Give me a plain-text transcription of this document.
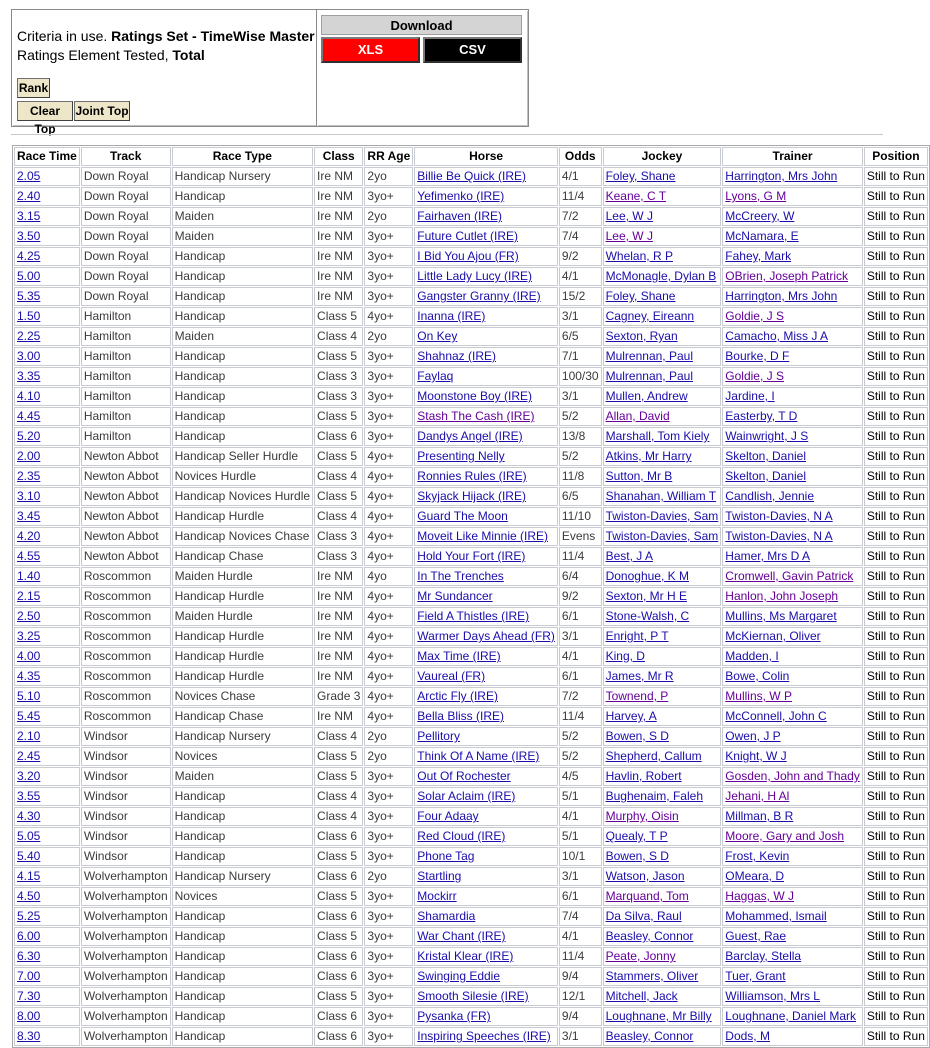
Criteria in use. Ratings Set - TimeWise Master
Ratings Element Tested, Total
Rank
Clear Top
Joint Top
Download
XLS	CSV
Race Time	Track	Race Type	Class	RR Age	Horse	Odds	Jockey	Trainer	Position
2.05	Down Royal	Handicap Nursery	Ire NM	2yo	Billie Be Quick (IRE)	4/1	Foley, Shane	Harrington, Mrs John	Still to Run
2.40	Down Royal	Handicap	Ire NM	3yo+	Yefimenko (IRE)	11/4	Keane, C T	Lyons, G M	Still to Run
3.15	Down Royal	Maiden	Ire NM	2yo	Fairhaven (IRE)	7/2	Lee, W J	McCreery, W	Still to Run
3.50	Down Royal	Maiden	Ire NM	3yo+	Future Cutlet (IRE)	7/4	Lee, W J	McNamara, E	Still to Run
4.25	Down Royal	Handicap	Ire NM	3yo+	I Bid You Ajou (FR)	9/2	Whelan, R P	Fahey, Mark	Still to Run
5.00	Down Royal	Handicap	Ire NM	3yo+	Little Lady Lucy (IRE)	4/1	McMonagle, Dylan B	OBrien, Joseph Patrick	Still to Run
5.35	Down Royal	Handicap	Ire NM	3yo+	Gangster Granny (IRE)	15/2	Foley, Shane	Harrington, Mrs John	Still to Run
1.50	Hamilton	Handicap	Class 5	4yo+	Inanna (IRE)	3/1	Cagney, Eireann	Goldie, J S	Still to Run
2.25	Hamilton	Maiden	Class 4	2yo	On Key	6/5	Sexton, Ryan	Camacho, Miss J A	Still to Run
3.00	Hamilton	Handicap	Class 5	3yo+	Shahnaz (IRE)	7/1	Mulrennan, Paul	Bourke, D F	Still to Run
3.35	Hamilton	Handicap	Class 3	3yo+	Faylaq	100/30	Mulrennan, Paul	Goldie, J S	Still to Run
4.10	Hamilton	Handicap	Class 3	3yo+	Moonstone Boy (IRE)	3/1	Mullen, Andrew	Jardine, I	Still to Run
4.45	Hamilton	Handicap	Class 5	3yo+	Stash The Cash (IRE)	5/2	Allan, David	Easterby, T D	Still to Run
5.20	Hamilton	Handicap	Class 6	3yo+	Dandys Angel (IRE)	13/8	Marshall, Tom Kiely	Wainwright, J S	Still to Run
2.00	Newton Abbot	Handicap Seller Hurdle	Class 5	4yo+	Presenting Nelly	5/2	Atkins, Mr Harry	Skelton, Daniel	Still to Run
2.35	Newton Abbot	Novices Hurdle	Class 4	4yo+	Ronnies Rules (IRE)	11/8	Sutton, Mr B	Skelton, Daniel	Still to Run
3.10	Newton Abbot	Handicap Novices Hurdle	Class 5	4yo+	Skyjack Hijack (IRE)	6/5	Shanahan, William T	Candlish, Jennie	Still to Run
3.45	Newton Abbot	Handicap Hurdle	Class 4	4yo+	Guard The Moon	11/10	Twiston-Davies, Sam	Twiston-Davies, N A	Still to Run
4.20	Newton Abbot	Handicap Novices Chase	Class 3	4yo+	Moveit Like Minnie (IRE)	Evens	Twiston-Davies, Sam	Twiston-Davies, N A	Still to Run
4.55	Newton Abbot	Handicap Chase	Class 3	4yo+	Hold Your Fort (IRE)	11/4	Best, J A	Hamer, Mrs D A	Still to Run
1.40	Roscommon	Maiden Hurdle	Ire NM	4yo	In The Trenches	6/4	Donoghue, K M	Cromwell, Gavin Patrick	Still to Run
2.15	Roscommon	Handicap Hurdle	Ire NM	4yo+	Mr Sundancer	9/2	Sexton, Mr H E	Hanlon, John Joseph	Still to Run
2.50	Roscommon	Maiden Hurdle	Ire NM	4yo+	Field A Thistles (IRE)	6/1	Stone-Walsh, C	Mullins, Ms Margaret	Still to Run
3.25	Roscommon	Handicap Hurdle	Ire NM	4yo+	Warmer Days Ahead (FR)	3/1	Enright, P T	McKiernan, Oliver	Still to Run
4.00	Roscommon	Handicap Hurdle	Ire NM	4yo+	Max Time (IRE)	4/1	King, D	Madden, I	Still to Run
4.35	Roscommon	Handicap Hurdle	Ire NM	4yo+	Vaureal (FR)	6/1	James, Mr R	Bowe, Colin	Still to Run
5.10	Roscommon	Novices Chase	Grade 3	4yo+	Arctic Fly (IRE)	7/2	Townend, P	Mullins, W P	Still to Run
5.45	Roscommon	Handicap Chase	Ire NM	4yo+	Bella Bliss (IRE)	11/4	Harvey, A	McConnell, John C	Still to Run
2.10	Windsor	Handicap Nursery	Class 4	2yo	Pellitory	5/2	Bowen, S D	Owen, J P	Still to Run
2.45	Windsor	Novices	Class 5	2yo	Think Of A Name (IRE)	5/2	Shepherd, Callum	Knight, W J	Still to Run
3.20	Windsor	Maiden	Class 5	3yo+	Out Of Rochester	4/5	Havlin, Robert	Gosden, John and Thady	Still to Run
3.55	Windsor	Handicap	Class 4	3yo+	Solar Aclaim (IRE)	5/1	Bughenaim, Faleh	Jehani, H Al	Still to Run
4.30	Windsor	Handicap	Class 4	3yo+	Four Adaay	4/1	Murphy, Oisin	Millman, B R	Still to Run
5.05	Windsor	Handicap	Class 6	3yo+	Red Cloud (IRE)	5/1	Quealy, T P	Moore, Gary and Josh	Still to Run
5.40	Windsor	Handicap	Class 5	3yo+	Phone Tag	10/1	Bowen, S D	Frost, Kevin	Still to Run
4.15	Wolverhampton	Handicap Nursery	Class 6	2yo	Startling	3/1	Watson, Jason	OMeara, D	Still to Run
4.50	Wolverhampton	Novices	Class 5	3yo+	Mockirr	6/1	Marquand, Tom	Haggas, W J	Still to Run
5.25	Wolverhampton	Handicap	Class 6	3yo+	Shamardia	7/4	Da Silva, Raul	Mohammed, Ismail	Still to Run
6.00	Wolverhampton	Handicap	Class 5	3yo+	War Chant (IRE)	4/1	Beasley, Connor	Guest, Rae	Still to Run
6.30	Wolverhampton	Handicap	Class 6	3yo+	Kristal Klear (IRE)	11/4	Peate, Jonny	Barclay, Stella	Still to Run
7.00	Wolverhampton	Handicap	Class 6	3yo+	Swinging Eddie	9/4	Stammers, Oliver	Tuer, Grant	Still to Run
7.30	Wolverhampton	Handicap	Class 5	3yo+	Smooth Silesie (IRE)	12/1	Mitchell, Jack	Williamson, Mrs L	Still to Run
8.00	Wolverhampton	Handicap	Class 6	3yo+	Pysanka (FR)	9/4	Loughnane, Mr Billy	Loughnane, Daniel Mark	Still to Run
8.30	Wolverhampton	Handicap	Class 6	3yo+	Inspiring Speeches (IRE)	3/1	Beasley, Connor	Dods, M	Still to Run
